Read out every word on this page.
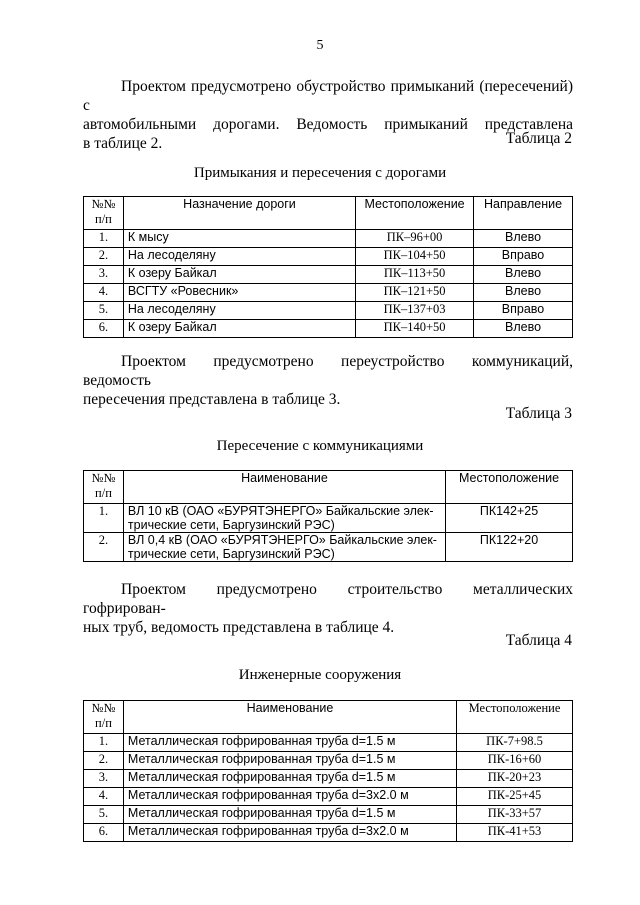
5
Проектом предусмотрено обустройство примыканий (пересечений) с
автомобильными дорогами. Ведомость примыканий представлена
в таблице 2.	Таблица 2
Примыкания и пересечения с дорогами
№№ п/п	Назначение дороги	Местоположение	Направление
1.	К мысу	ПК–96+00	Влево
2.	На лесоделяну	ПК–104+50	Вправо
3.	К озеру Байкал	ПК–113+50	Влево
4.	ВСГТУ «Ровесник»	ПК–121+50	Влево
5.	На лесоделяну	ПК–137+03	Вправо
6.	К озеру Байкал	ПК–140+50	Влево
Проектом предусмотрено переустройство коммуникаций, ведомость
пересечения представлена в таблице 3.
Таблица 3
Пересечение с коммуникациями
№№ п/п	Наименование	Местоположение
1.	ВЛ 10 кВ (ОАО «БУРЯТЭНЕРГО» Байкальские элек-
трические сети, Баргузинский РЭС)	ПК142+25
2.	ВЛ 0,4 кВ (ОАО «БУРЯТЭНЕРГО» Байкальские элек-
трические сети, Баргузинский РЭС)	ПК122+20
Проектом предусмотрено строительство металлических гофрирован-
ных труб, ведомость представлена в таблице 4.
Таблица 4
Инженерные сооружения
№№ п/п	Наименование	Местоположение
1.	Металлическая гофрированная труба d=1.5 м	ПК-7+98.5
2.	Металлическая гофрированная труба d=1.5 м	ПК-16+60
3.	Металлическая гофрированная труба d=1.5 м	ПК-20+23
4.	Металлическая гофрированная труба d=3х2.0 м	ПК-25+45
5.	Металлическая гофрированная труба d=1.5 м	ПК-33+57
6.	Металлическая гофрированная труба d=3х2.0 м	ПК-41+53
